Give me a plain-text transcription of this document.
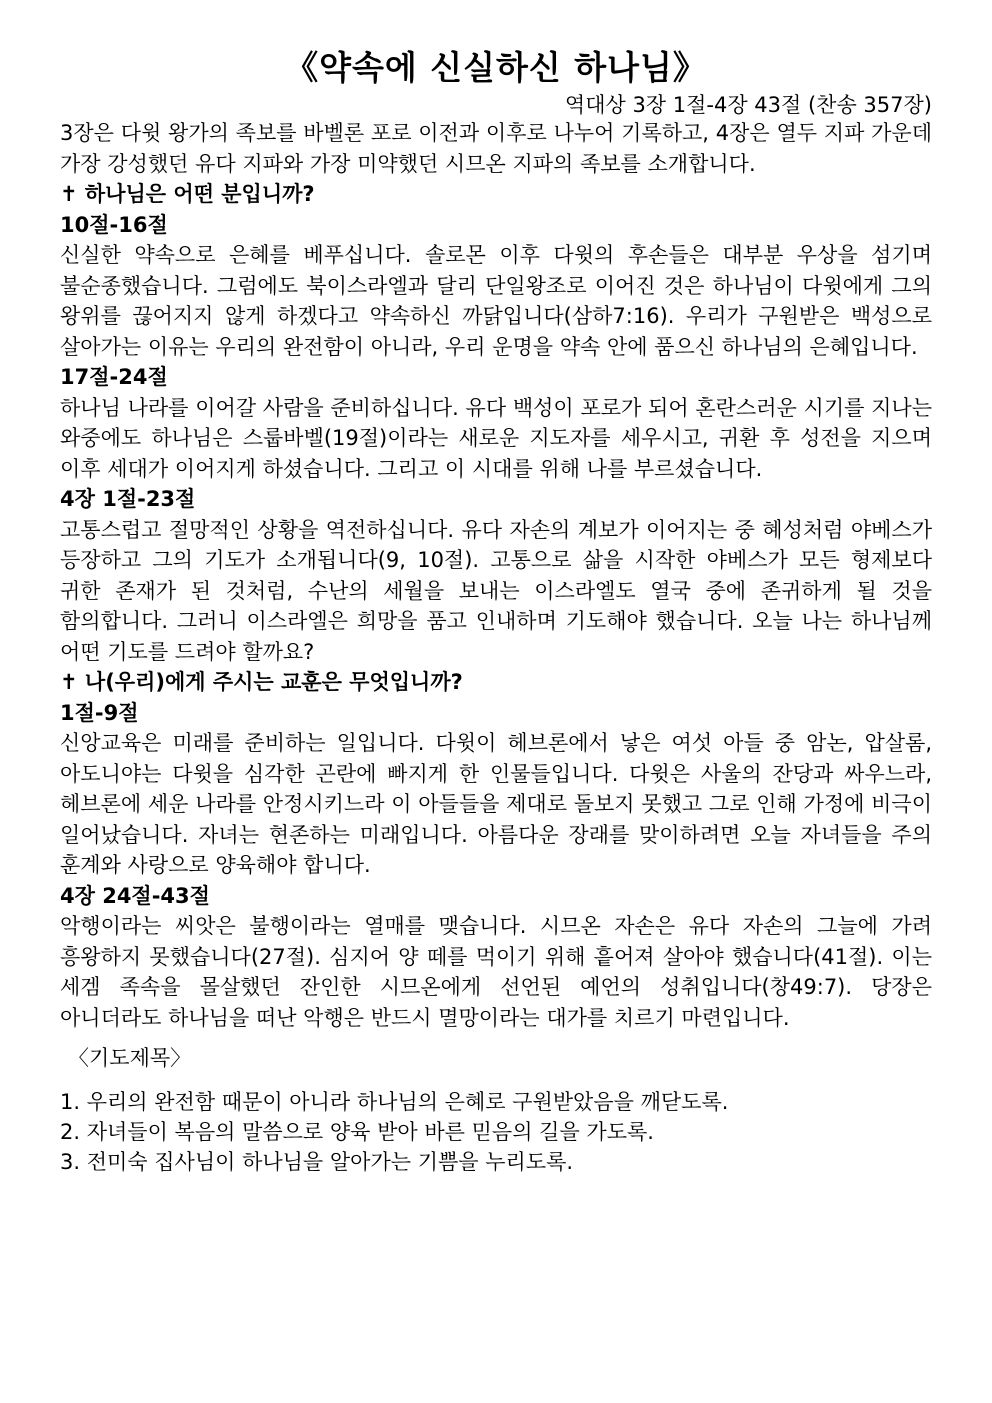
《약속에 신실하신 하나님》
역대상 3장 1절-4장 43절 (찬송 357장)

3장은 다윗 왕가의 족보를 바벨론 포로 이전과 이후로 나누어 기록하고, 4장은 열두 지파 가운데 가장 강성했던 유다 지파와 가장 미약했던 시므온 지파의 족보를 소개합니다.

✝ 하나님은 어떤 분입니까?

10절-16절

신실한 약속으로 은혜를 베푸십니다. 솔로몬 이후 다윗의 후손들은 대부분 우상을 섬기며 불순종했습니다. 그럼에도 북이스라엘과 달리 단일왕조로 이어진 것은 하나님이 다윗에게 그의 왕위를 끊어지지 않게 하겠다고 약속하신 까닭입니다(삼하7:16). 우리가 구원받은 백성으로 살아가는 이유는 우리의 완전함이 아니라, 우리 운명을 약속 안에 품으신 하나님의 은혜입니다.

17절-24절

하나님 나라를 이어갈 사람을 준비하십니다. 유다 백성이 포로가 되어 혼란스러운 시기를 지나는 와중에도 하나님은 스룹바벨(19절)이라는 새로운 지도자를 세우시고, 귀환 후 성전을 지으며 이후 세대가 이어지게 하셨습니다. 그리고 이 시대를 위해 나를 부르셨습니다.

4장 1절-23절

고통스럽고 절망적인 상황을 역전하십니다. 유다 자손의 계보가 이어지는 중 혜성처럼 야베스가 등장하고 그의 기도가 소개됩니다(9, 10절). 고통으로 삶을 시작한 야베스가 모든 형제보다 귀한 존재가 된 것처럼, 수난의 세월을 보내는 이스라엘도 열국 중에 존귀하게 될 것을 함의합니다. 그러니 이스라엘은 희망을 품고 인내하며 기도해야 했습니다. 오늘 나는 하나님께 어떤 기도를 드려야 할까요?

✝ 나(우리)에게 주시는 교훈은 무엇입니까?

1절-9절

신앙교육은 미래를 준비하는 일입니다. 다윗이 헤브론에서 낳은 여섯 아들 중 암논, 압살롬, 아도니야는 다윗을 심각한 곤란에 빠지게 한 인물들입니다. 다윗은 사울의 잔당과 싸우느라, 헤브론에 세운 나라를 안정시키느라 이 아들들을 제대로 돌보지 못했고 그로 인해 가정에 비극이 일어났습니다. 자녀는 현존하는 미래입니다. 아름다운 장래를 맞이하려면 오늘 자녀들을 주의 훈계와 사랑으로 양육해야 합니다.

4장 24절-43절

악행이라는 씨앗은 불행이라는 열매를 맺습니다. 시므온 자손은 유다 자손의 그늘에 가려 흥왕하지 못했습니다(27절). 심지어 양 떼를 먹이기 위해 흩어져 살아야 했습니다(41절). 이는 세겜 족속을 몰살했던 잔인한 시므온에게 선언된 예언의 성취입니다(창49:7). 당장은 아니더라도 하나님을 떠난 악행은 반드시 멸망이라는 대가를 치르기 마련입니다.

〈기도제목〉

1. 우리의 완전함 때문이 아니라 하나님의 은혜로 구원받았음을 깨닫도록.

2. 자녀들이 복음의 말씀으로 양육 받아 바른 믿음의 길을 가도록.

3. 전미숙 집사님이 하나님을 알아가는 기쁨을 누리도록.
